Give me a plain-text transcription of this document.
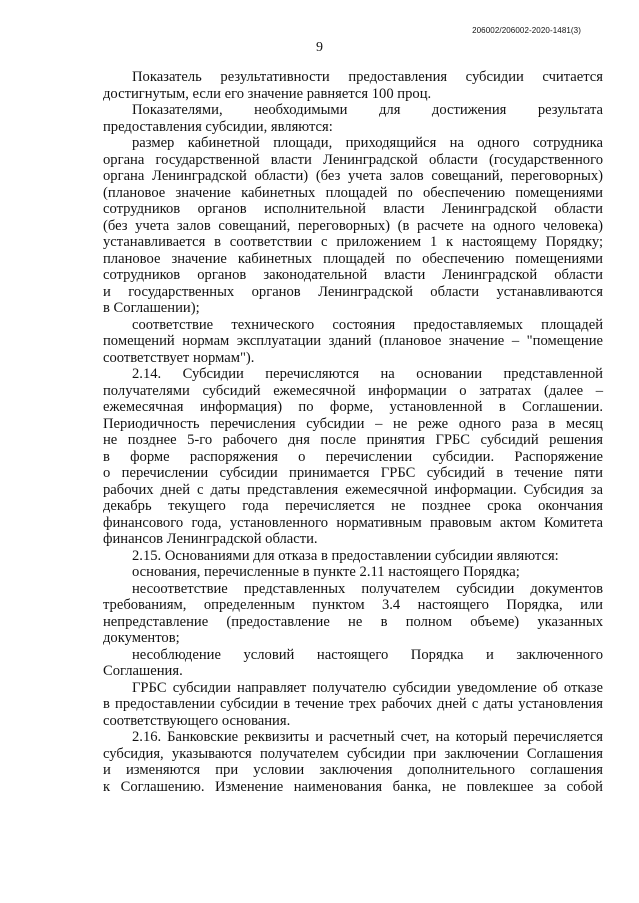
206002/206002-2020-1481(3)
9
Показатель результативности предоставления субсидии считается
достигнутым, если его значение равняется 100 проц.
Показателями, необходимыми для достижения результата
предоставления субсидии, являются:
размер кабинетной площади, приходящийся на одного сотрудника
органа государственной власти Ленинградской области (государственного
органа Ленинградской области) (без учета залов совещаний, переговорных)
(плановое значение кабинетных площадей по обеспечению помещениями
сотрудников органов исполнительной власти Ленинградской области
(без учета залов совещаний, переговорных) (в расчете на одного человека)
устанавливается в соответствии с приложением 1 к настоящему Порядку;
плановое значение кабинетных площадей по обеспечению помещениями
сотрудников органов законодательной власти Ленинградской области
и государственных органов Ленинградской области устанавливаются
в Соглашении);
соответствие технического состояния предоставляемых площадей
помещений нормам эксплуатации зданий (плановое значение – "помещение
соответствует нормам").
2.14. Субсидии перечисляются на основании представленной
получателями субсидий ежемесячной информации о затратах (далее –
ежемесячная информация) по форме, установленной в Соглашении.
Периодичность перечисления субсидии – не реже одного раза в месяц
не позднее 5-го рабочего дня после принятия ГРБС субсидий решения
в форме распоряжения о перечислении субсидии. Распоряжение
о перечислении субсидии принимается ГРБС субсидий в течение пяти
рабочих дней с даты представления ежемесячной информации. Субсидия за
декабрь текущего года перечисляется не позднее срока окончания
финансового года, установленного нормативным правовым актом Комитета
финансов Ленинградской области.
2.15. Основаниями для отказа в предоставлении субсидии являются:
основания, перечисленные в пункте 2.11 настоящего Порядка;
несоответствие представленных получателем субсидии документов
требованиям, определенным пунктом 3.4 настоящего Порядка, или
непредставление (предоставление не в полном объеме) указанных
документов;
несоблюдение условий настоящего Порядка и заключенного
Соглашения.
ГРБС субсидии направляет получателю субсидии уведомление об отказе
в предоставлении субсидии в течение трех рабочих дней с даты установления
соответствующего основания.
2.16. Банковские реквизиты и расчетный счет, на который перечисляется
субсидия, указываются получателем субсидии при заключении Соглашения
и изменяются при условии заключения дополнительного соглашения
к Соглашению. Изменение наименования банка, не повлекшее за собой
